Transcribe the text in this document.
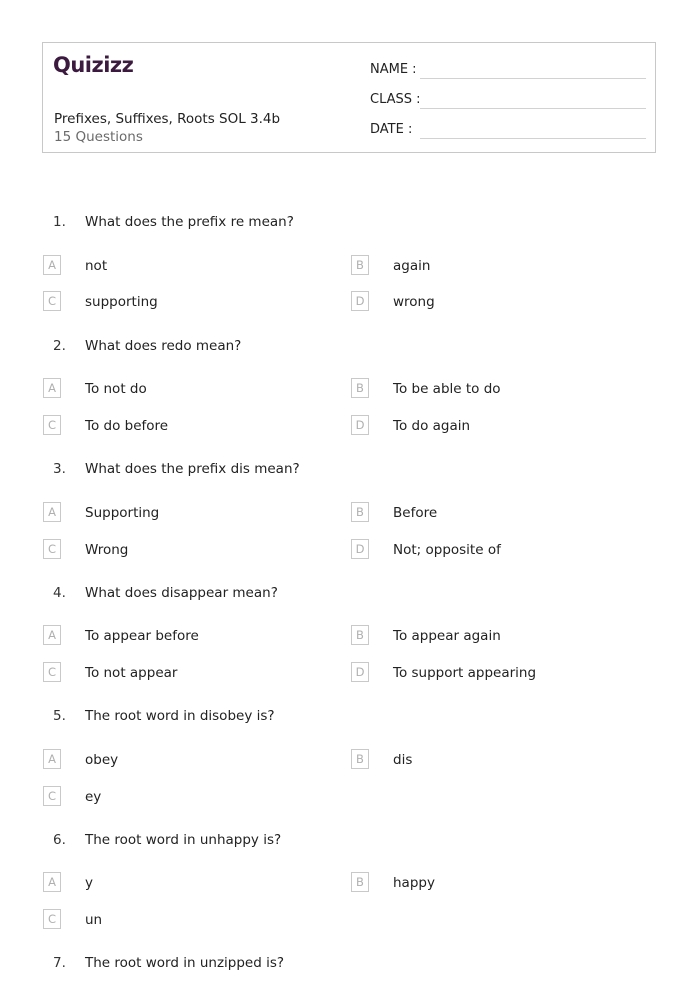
Quizizz
Prefixes, Suffixes, Roots SOL 3.4b
15 Questions
NAME :
CLASS :
DATE :
1. What does the prefix re mean?
A	not	B	again
C	supporting	D	wrong
2. What does redo mean?
A	To not do	B	To be able to do
C	To do before	D	To do again
3. What does the prefix dis mean?
A	Supporting	B	Before
C	Wrong	D	Not; opposite of
4. What does disappear mean?
A	To appear before	B	To appear again
C	To not appear	D	To support appearing
5. The root word in disobey is?
A	obey	B	dis
C	ey
6. The root word in unhappy is?
A	y	B	happy
C	un
7. The root word in unzipped is?
